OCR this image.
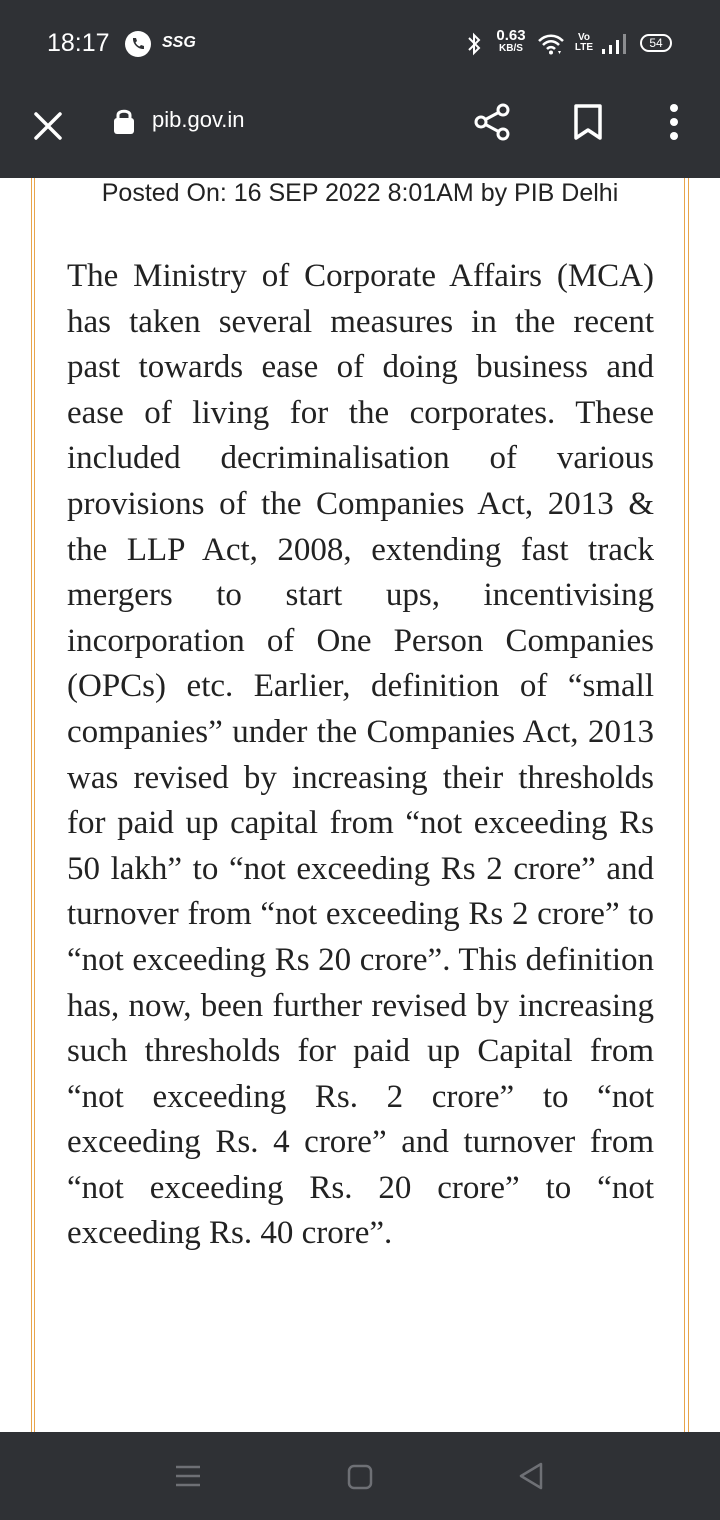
18:17	SSG	0.63
KB/S
Vo
LTE	54
pib.gov.in
Posted On: 16 SEP 2022 8:01AM by PIB Delhi

The Ministry of Corporate Affairs (MCA) has taken several measures in the recent past towards ease of doing business and ease of living for the corporates. These included decriminalisation of various provisions of the Companies Act, 2013 & the LLP Act, 2008, extending fast track mergers to start ups, incentivising incorporation of One Person Companies (OPCs) etc. Earlier, definition of “small companies” under the Companies Act, 2013 was revised by increasing their thresholds for paid up capital from “not exceeding Rs 50 lakh” to “not exceeding Rs 2 crore” and turnover from “not exceeding Rs 2 crore” to “not exceeding Rs 20 crore”. This definition has, now, been further revised by increasing such thresholds for paid up Capital from “not exceeding Rs. 2 crore” to “not exceeding Rs. 4 crore” and turnover from “not exceeding Rs. 20 crore” to “not exceeding Rs. 40 crore”.
